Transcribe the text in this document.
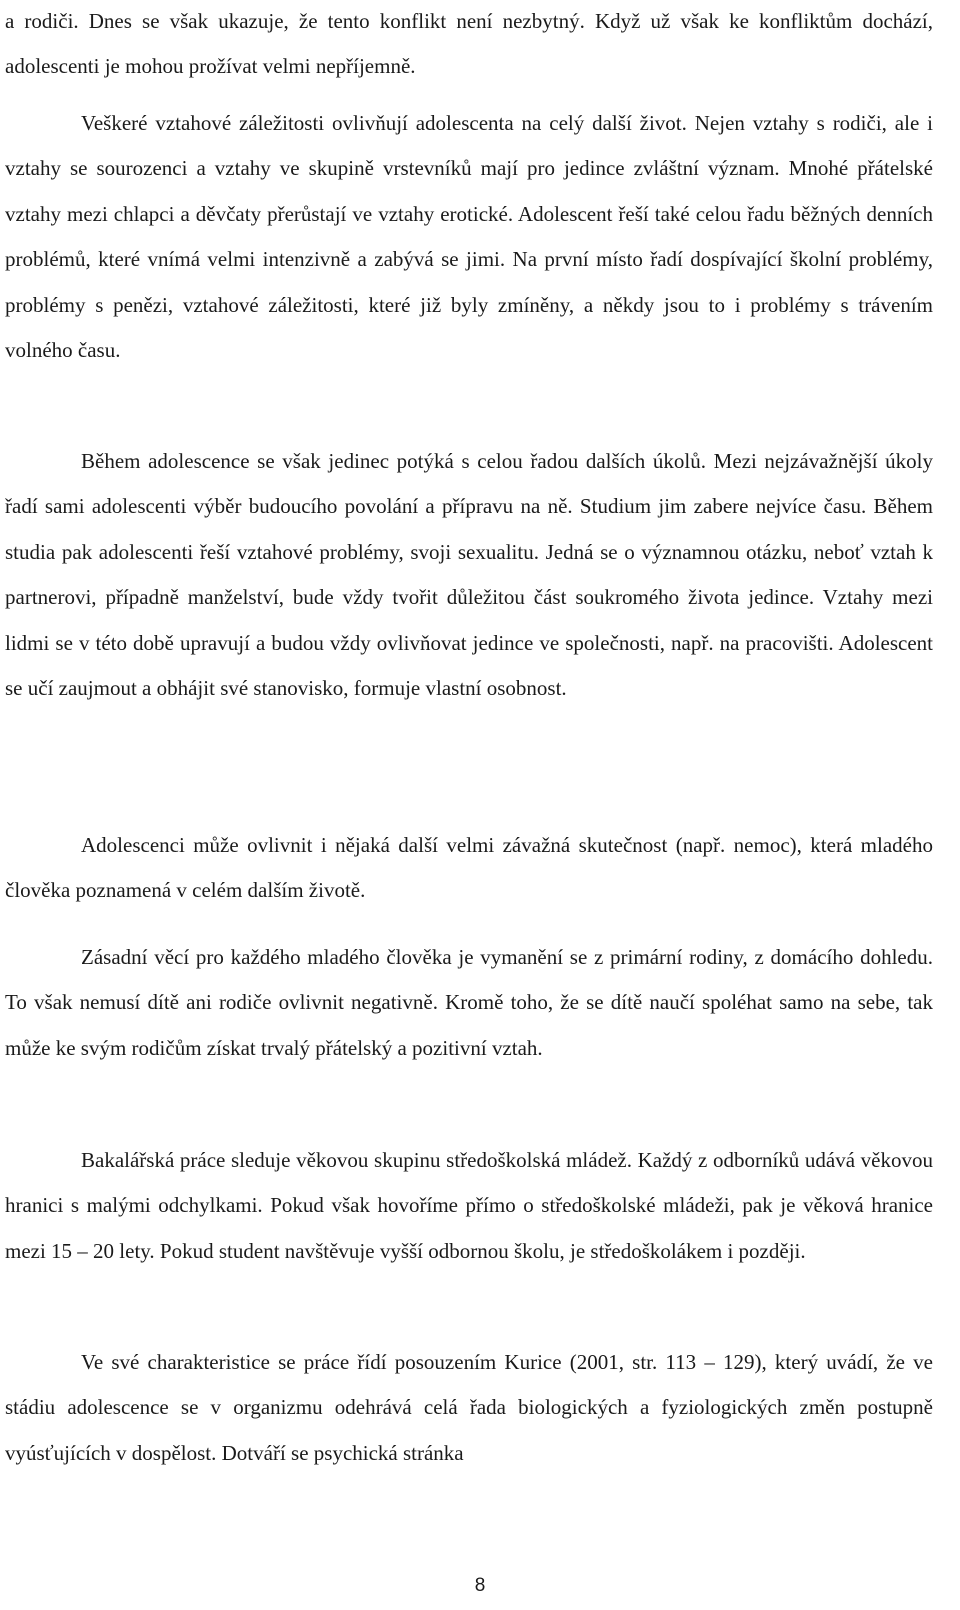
a rodiči. Dnes se však ukazuje, že tento konflikt není nezbytný. Když už však ke konfliktům dochází, adolescenti je mohou prožívat velmi nepříjemně.

Veškeré vztahové záležitosti ovlivňují adolescenta na celý další život. Nejen vztahy s rodiči, ale i vztahy se sourozenci a vztahy ve skupině vrstevníků mají pro jedince zvláštní význam. Mnohé přátelské vztahy mezi chlapci a děvčaty přerůstají ve vztahy erotické. Adolescent řeší také celou řadu běžných denních problémů, které vnímá velmi intenzivně a zabývá se jimi. Na první místo řadí dospívající školní problémy, problémy s penězi, vztahové záležitosti, které již byly zmíněny, a někdy jsou to i problémy s trávením volného času.

Během adolescence se však jedinec potýká s celou řadou dalších úkolů. Mezi nejzávažnější úkoly řadí sami adolescenti výběr budoucího povolání a přípravu na ně. Studium jim zabere nejvíce času. Během studia pak adolescenti řeší vztahové problémy, svoji sexualitu. Jedná se o významnou otázku, neboť vztah k partnerovi, případně manželství, bude vždy tvořit důležitou část soukromého života jedince. Vztahy mezi lidmi se v této době upravují a budou vždy ovlivňovat jedince ve společnosti, např. na pracovišti. Adolescent se učí zaujmout a obhájit své stanovisko, formuje vlastní osobnost.

Adolescenci může ovlivnit i nějaká další velmi závažná skutečnost (např. nemoc), která mladého člověka poznamená v celém dalším životě.

Zásadní věcí pro každého mladého člověka je vymanění se z primární rodiny, z domácího dohledu. To však nemusí dítě ani rodiče ovlivnit negativně. Kromě toho, že se dítě naučí spoléhat samo na sebe, tak může ke svým rodičům získat trvalý přátelský a pozitivní vztah.

Bakalářská práce sleduje věkovou skupinu středoškolská mládež. Každý z odborníků udává věkovou hranici s malými odchylkami. Pokud však hovoříme přímo o středoškolské mládeži, pak je věková hranice mezi 15 – 20 lety. Pokud student navštěvuje vyšší odbornou školu, je středoškolákem i později.

Ve své charakteristice se práce řídí posouzením Kurice (2001, str. 113 – 129), který uvádí, že ve stádiu adolescence se v organizmu odehrává celá řada biologických a fyziologických změn postupně vyúsťujících v dospělost. Dotváří se psychická stránka

8
